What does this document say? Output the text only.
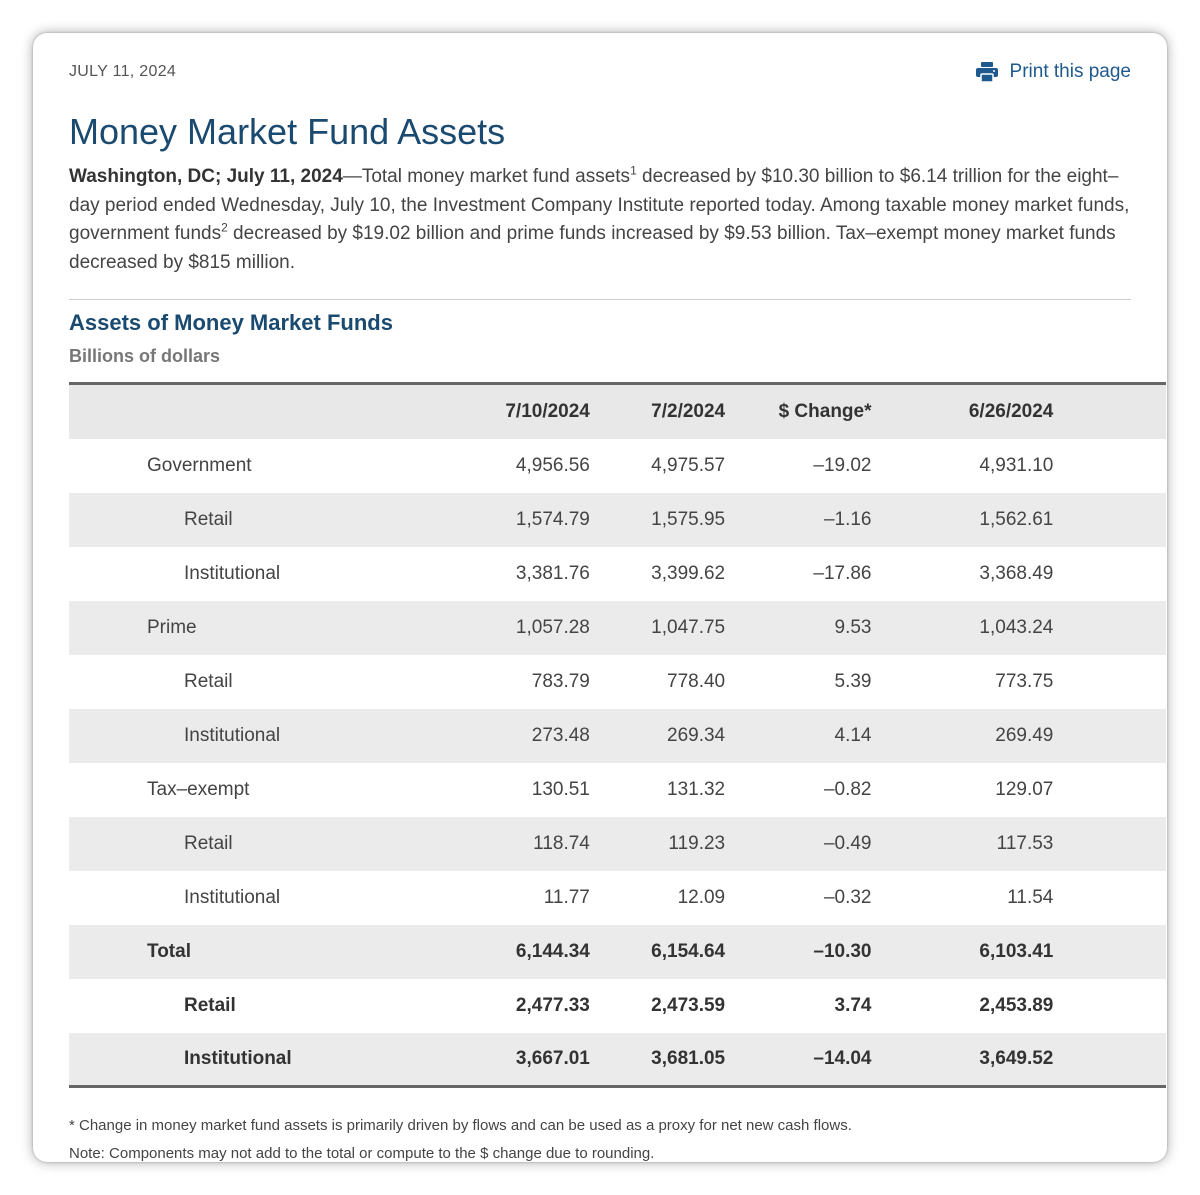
JULY 11, 2024	Print this page
Money Market Fund Assets

Washington, DC; July 11, 2024—Total money market fund assets$^1$ decreased by $10.30 billion to $6.14 trillion for the eight–day period ended Wednesday, July 10, the Investment Company Institute reported today. Among taxable money market funds, government funds$^2$ decreased by $19.02 billion and prime funds increased by $9.53 billion. Tax–exempt money market funds decreased by $815 million.

Assets of Money Market Funds
Billions of dollars
	7/10/2024	7/2/2024	$ Change*	6/26/2024	
Government	4,956.56	4,975.57	–19.02	4,931.10	
Retail	1,574.79	1,575.95	–1.16	1,562.61	
Institutional	3,381.76	3,399.62	–17.86	3,368.49	
Prime	1,057.28	1,047.75	9.53	1,043.24	
Retail	783.79	778.40	5.39	773.75	
Institutional	273.48	269.34	4.14	269.49	
Tax–exempt	130.51	131.32	–0.82	129.07	
Retail	118.74	119.23	–0.49	117.53	
Institutional	11.77	12.09	–0.32	11.54	
Total	6,144.34	6,154.64	–10.30	6,103.41	
Retail	2,477.33	2,473.59	3.74	2,453.89	
Institutional	3,667.01	3,681.05	–14.04	3,649.52	
* Change in money market fund assets is primarily driven by flows and can be used as a proxy for net new cash flows.
Note: Components may not add to the total or compute to the $ change due to rounding.
